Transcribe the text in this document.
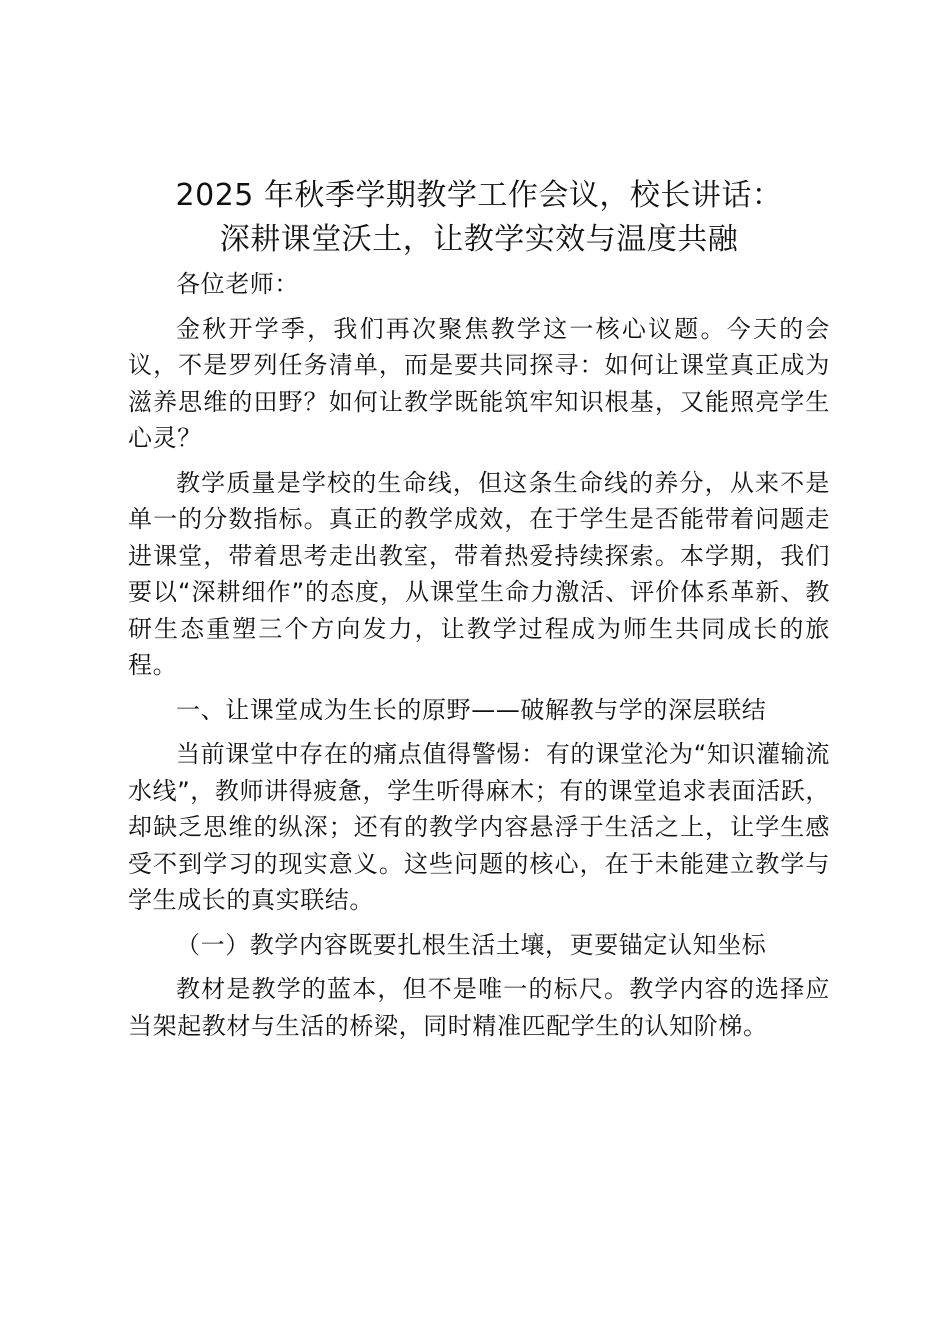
2025 年秋季学期教学工作会议，校长讲话：
深耕课堂沃土，让教学实效与温度共融

各位老师：

金秋开学季，我们再次聚焦教学这一核心议题。今天的会议，不是罗列任务清单，而是要共同探寻：如何让课堂真正成为滋养思维的田野？如何让教学既能筑牢知识根基，又能照亮学生心灵？

教学质量是学校的生命线，但这条生命线的养分，从来不是单一的分数指标。真正的教学成效，在于学生是否能带着问题走进课堂，带着思考走出教室，带着热爱持续探索。本学期，我们要以“深耕细作”的态度，从课堂生命力激活、评价体系革新、教研生态重塑三个方向发力，让教学过程成为师生共同成长的旅程。

一、让课堂成为生长的原野——破解教与学的深层联结

当前课堂中存在的痛点值得警惕：有的课堂沦为“知识灌输流水线”，教师讲得疲惫，学生听得麻木；有的课堂追求表面活跃，却缺乏思维的纵深；还有的教学内容悬浮于生活之上，让学生感受不到学习的现实意义。这些问题的核心，在于未能建立教学与学生成长的真实联结。

（一）教学内容既要扎根生活土壤，更要锚定认知坐标

教材是教学的蓝本，但不是唯一的标尺。教学内容的选择应当架起教材与生活的桥梁，同时精准匹配学生的认知阶梯。
